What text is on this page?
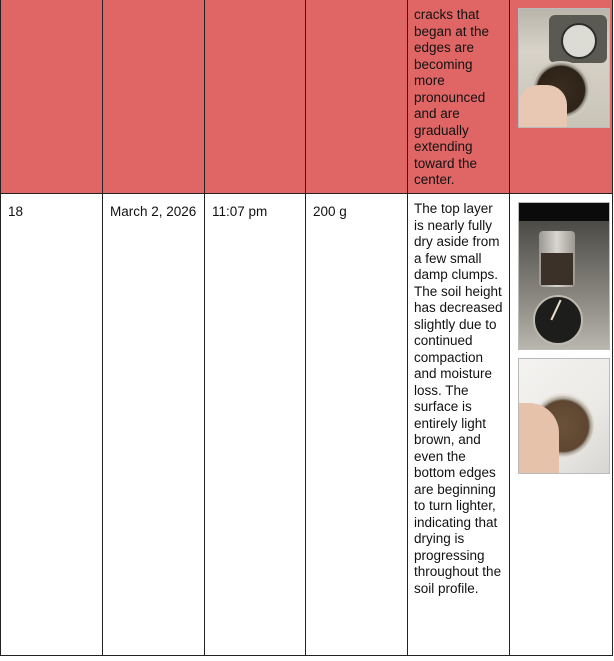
				cracks that began at the edges are becoming more pronounced and are gradually extending toward the center.	

18	March 2, 2026	11:07 pm	200 g	The top layer is nearly fully dry aside from a few small damp clumps. The soil height has decreased slightly due to continued compaction and moisture loss. The surface is entirely light brown, and even the bottom edges are beginning to turn lighter, indicating that drying is progressing throughout the soil profile.	
